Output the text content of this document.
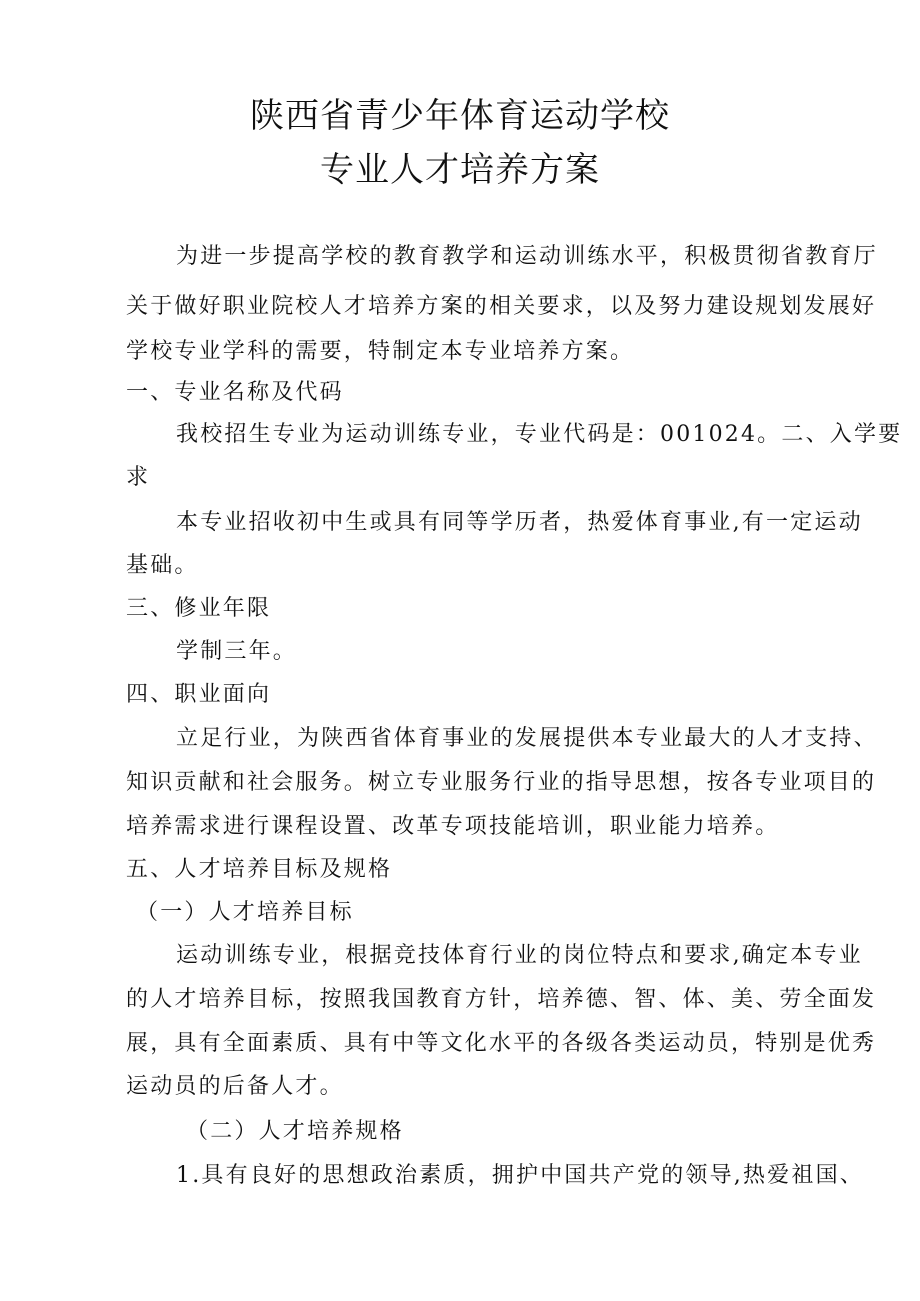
陕西省青少年体育运动学校
专业人才培养方案
为进一步提高学校的教育教学和运动训练水平，积极贯彻省教育厅
关于做好职业院校人才培养方案的相关要求，以及努力建设规划发展好
学校专业学科的需要，特制定本专业培养方案。
一、专业名称及代码
我校招生专业为运动训练专业，专业代码是：001024。二、入学要
求
本专业招收初中生或具有同等学历者，热爱体育事业,有一定运动
基础。
三、修业年限
学制三年。
四、职业面向
立足行业，为陕西省体育事业的发展提供本专业最大的人才支持、
知识贡献和社会服务。树立专业服务行业的指导思想，按各专业项目的
培养需求进行课程设置、改革专项技能培训，职业能力培养。
五、人才培养目标及规格
（一）人才培养目标
运动训练专业，根据竞技体育行业的岗位特点和要求,确定本专业
的人才培养目标，按照我国教育方针，培养德、智、体、美、劳全面发
展，具有全面素质、具有中等文化水平的各级各类运动员，特别是优秀
运动员的后备人才。
（二）人才培养规格
1.具有良好的思想政治素质，拥护中国共产党的领导,热爱祖国、
